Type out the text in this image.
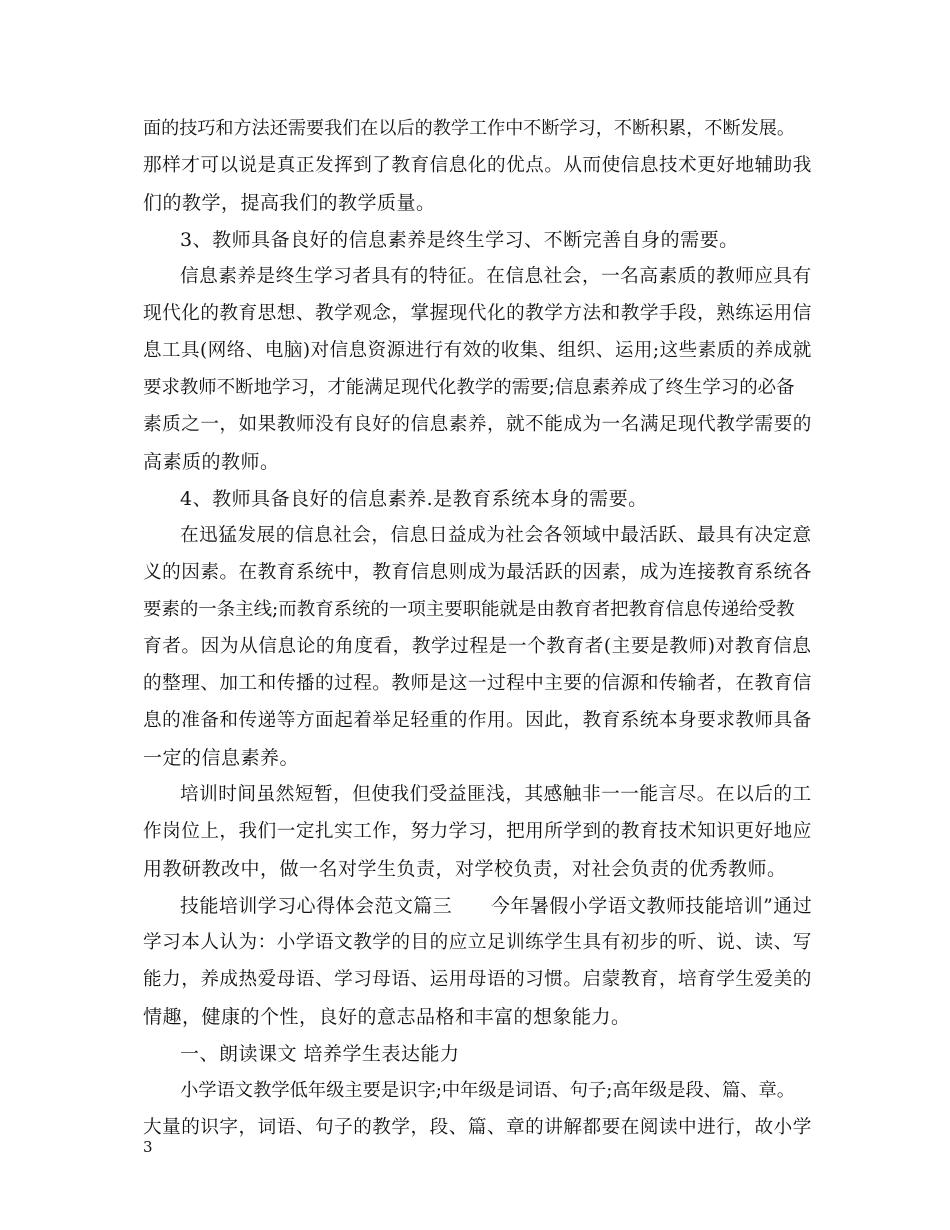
面的技巧和方法还需要我们在以后的教学工作中不断学习，不断积累，不断发展。
那样才可以说是真正发挥到了教育信息化的优点。从而使信息技术更好地辅助我
们的教学，提高我们的教学质量。
3、教师具备良好的信息素养是终生学习、不断完善自身的需要。
信息素养是终生学习者具有的特征。在信息社会，一名高素质的教师应具有
现代化的教育思想、教学观念，掌握现代化的教学方法和教学手段，熟练运用信
息工具(网络、电脑)对信息资源进行有效的收集、组织、运用;这些素质的养成就
要求教师不断地学习，才能满足现代化教学的需要;信息素养成了终生学习的必备
素质之一，如果教师没有良好的信息素养，就不能成为一名满足现代教学需要的
高素质的教师。
4、教师具备良好的信息素养.是教育系统本身的需要。
在迅猛发展的信息社会，信息日益成为社会各领域中最活跃、最具有决定意
义的因素。在教育系统中，教育信息则成为最活跃的因素，成为连接教育系统各
要素的一条主线;而教育系统的一项主要职能就是由教育者把教育信息传递给受教
育者。因为从信息论的角度看，教学过程是一个教育者(主要是教师)对教育信息
的整理、加工和传播的过程。教师是这一过程中主要的信源和传输者，在教育信
息的准备和传递等方面起着举足轻重的作用。因此，教育系统本身要求教师具备
一定的信息素养。
培训时间虽然短暂，但使我们受益匪浅，其感触非一一能言尽。在以后的工
作岗位上，我们一定扎实工作，努力学习，把用所学到的教育技术知识更好地应
用教研教改中，做一名对学生负责，对学校负责，对社会负责的优秀教师。
技能培训学习心得体会范文篇三　　今年暑假小学语文教师技能培训”通过
学习本人认为：小学语文教学的目的应立足训练学生具有初步的听、说、读、写
能力，养成热爱母语、学习母语、运用母语的习惯。启蒙教育，培育学生爱美的
情趣，健康的个性，良好的意志品格和丰富的想象能力。
一、朗读课文 培养学生表达能力
小学语文教学低年级主要是识字;中年级是词语、句子;高年级是段、篇、章。
大量的识字，词语、句子的教学，段、篇、章的讲解都要在阅读中进行，故小学
3
